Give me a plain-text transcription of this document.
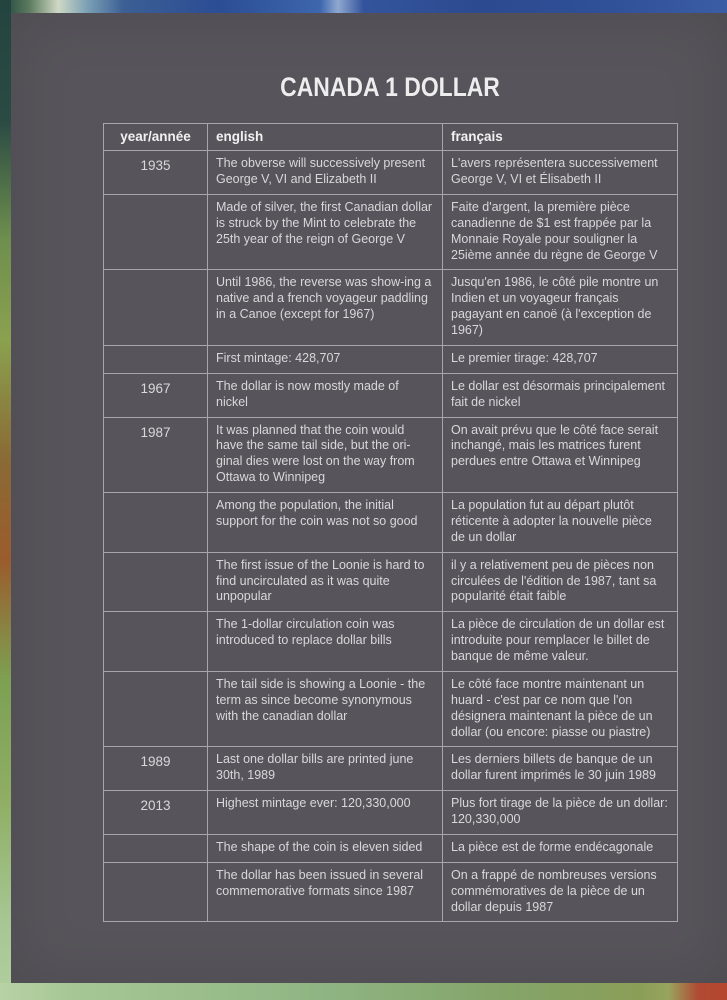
CANADA 1 DOLLAR
year/année	english	français
1935	The obverse will successively present George V, VI and Elizabeth II	L'avers représentera successivement George V, VI et Élisabeth II
	Made of silver, the first Canadian dollar is struck by the Mint to celebrate the 25th year of the reign of George V	Faite d'argent, la première pièce canadienne de $1 est frappée par la Monnaie Royale pour souligner la 25ième année du règne de George V
	Until 1986, the reverse was show-ing a native and a french voyageur paddling in a Canoe (except for 1967)	Jusqu'en 1986, le côté pile montre un Indien et un voyageur français pagayant en canoë (à l'exception de 1967)
	First mintage: 428,707	Le premier tirage: 428,707
1967	The dollar is now mostly made of nickel	Le dollar est désormais principalement fait de nickel
1987	It was planned that the coin would have the same tail side, but the ori-ginal dies were lost on the way from Ottawa to Winnipeg	On avait prévu que le côté face serait inchangé, mais les matrices furent perdues entre Ottawa et Winnipeg
	Among the population, the initial support for the coin was not so good	La population fut au départ plutôt réticente à adopter la nouvelle pièce de un dollar
	The first issue of the Loonie is hard to find uncirculated as it was quite unpopular	il y a relativement peu de pièces non circulées de l'édition de 1987, tant sa popularité était faible
	The 1-dollar circulation coin was introduced to replace dollar bills	La pièce de circulation de un dollar est introduite pour remplacer le billet de banque de même valeur.
	The tail side is showing a Loonie - the term as since become synonymous with the canadian dollar	Le côté face montre maintenant un huard - c'est par ce nom que l'on désignera maintenant la pièce de un dollar (ou encore: piasse ou piastre)
1989	Last one dollar bills are printed june 30th, 1989	Les derniers billets de banque de un dollar furent imprimés le 30 juin 1989
2013	Highest mintage ever: 120,330,000	Plus fort tirage de la pièce de un dollar: 120,330,000
	The shape of the coin is eleven sided	La pièce est de forme endécagonale
	The dollar has been issued in several commemorative formats since 1987	On a frappé de nombreuses versions commémoratives de la pièce de un dollar depuis 1987
